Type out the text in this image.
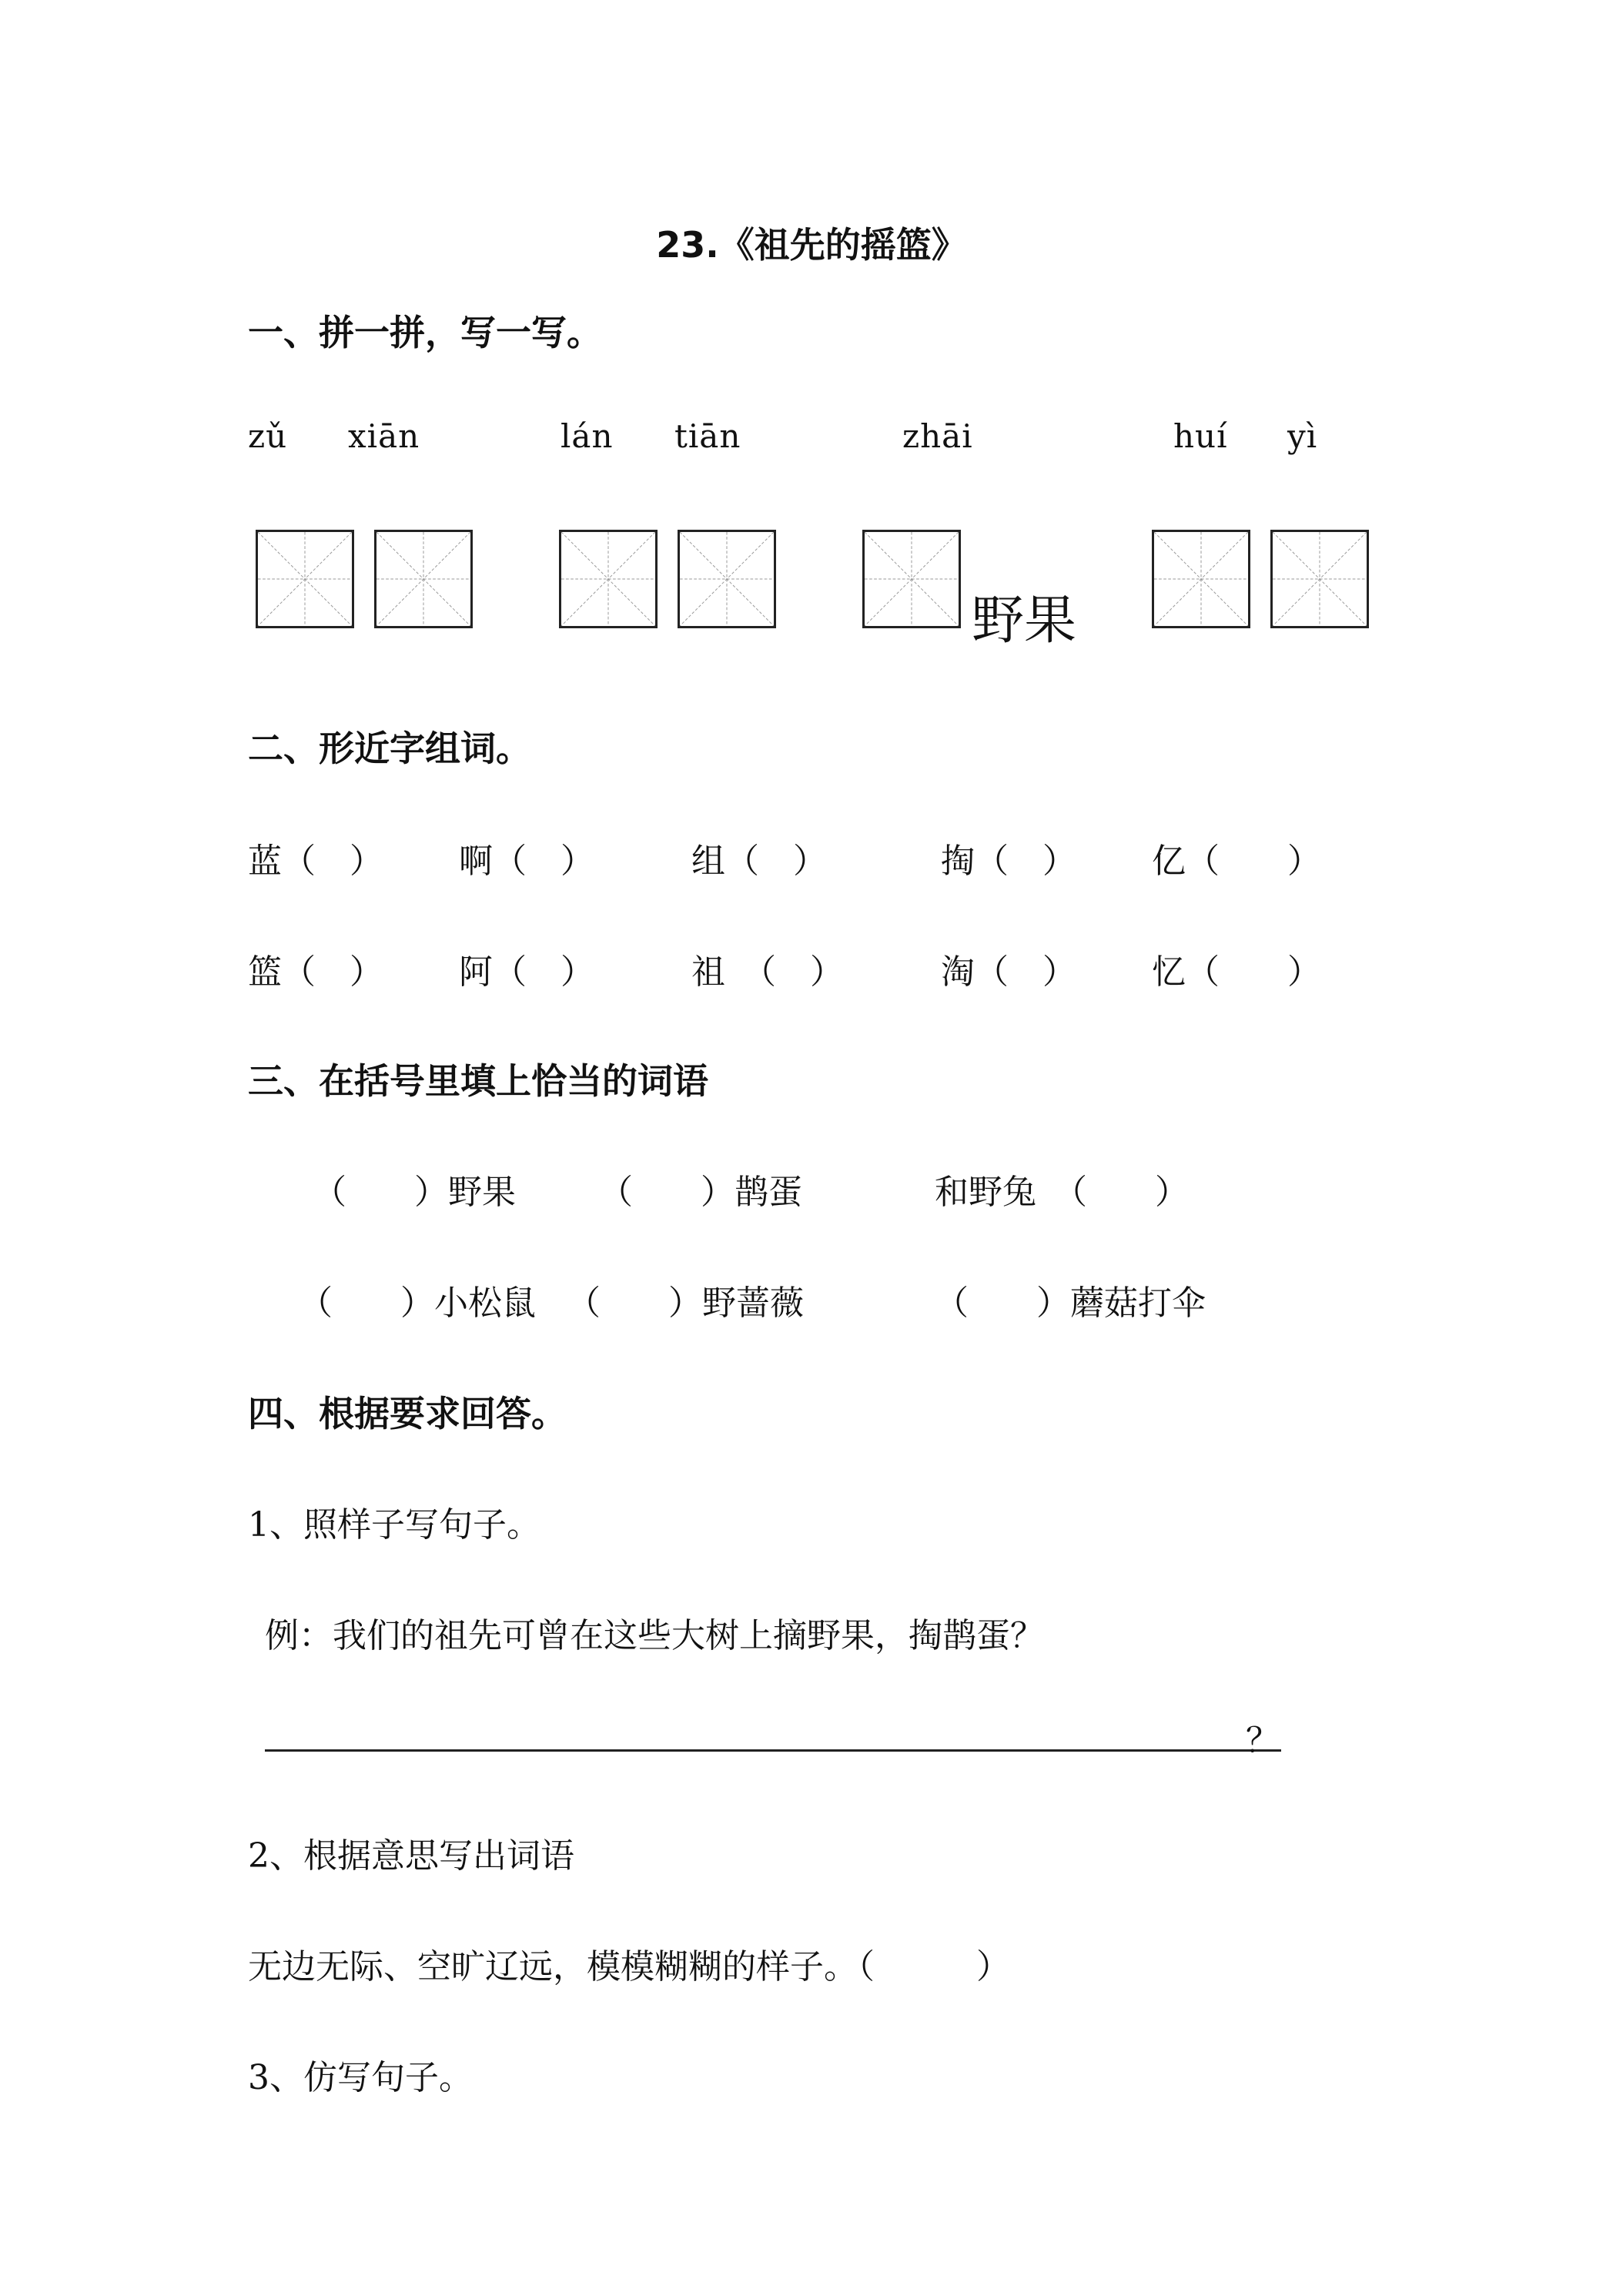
23.《祖先的摇篮》
一、拼一拼，写一写。
zǔ xiān	lán tiān	zhāi	huí yì
野果
二、形近字组词。
蓝（　） 啊（　）	组（　）	掏（　） 亿（　　）
篮（　） 阿（　）	祖　（　）	淘（　） 忆（　　）
三、在括号里填上恰当的词语
（　　）野果 （　　）鹊蛋	和野兔　（　　）
（　　）小松鼠 （　　）野蔷薇	（　　）蘑菇打伞
四、根据要求回答。
1、照样子写句子。
例：我们的祖先可曾在这些大树上摘野果，掏鹊蛋？
？
2、根据意思写出词语
无边无际、空旷辽远，模模糊糊的样子。（　　　）
3、仿写句子。
